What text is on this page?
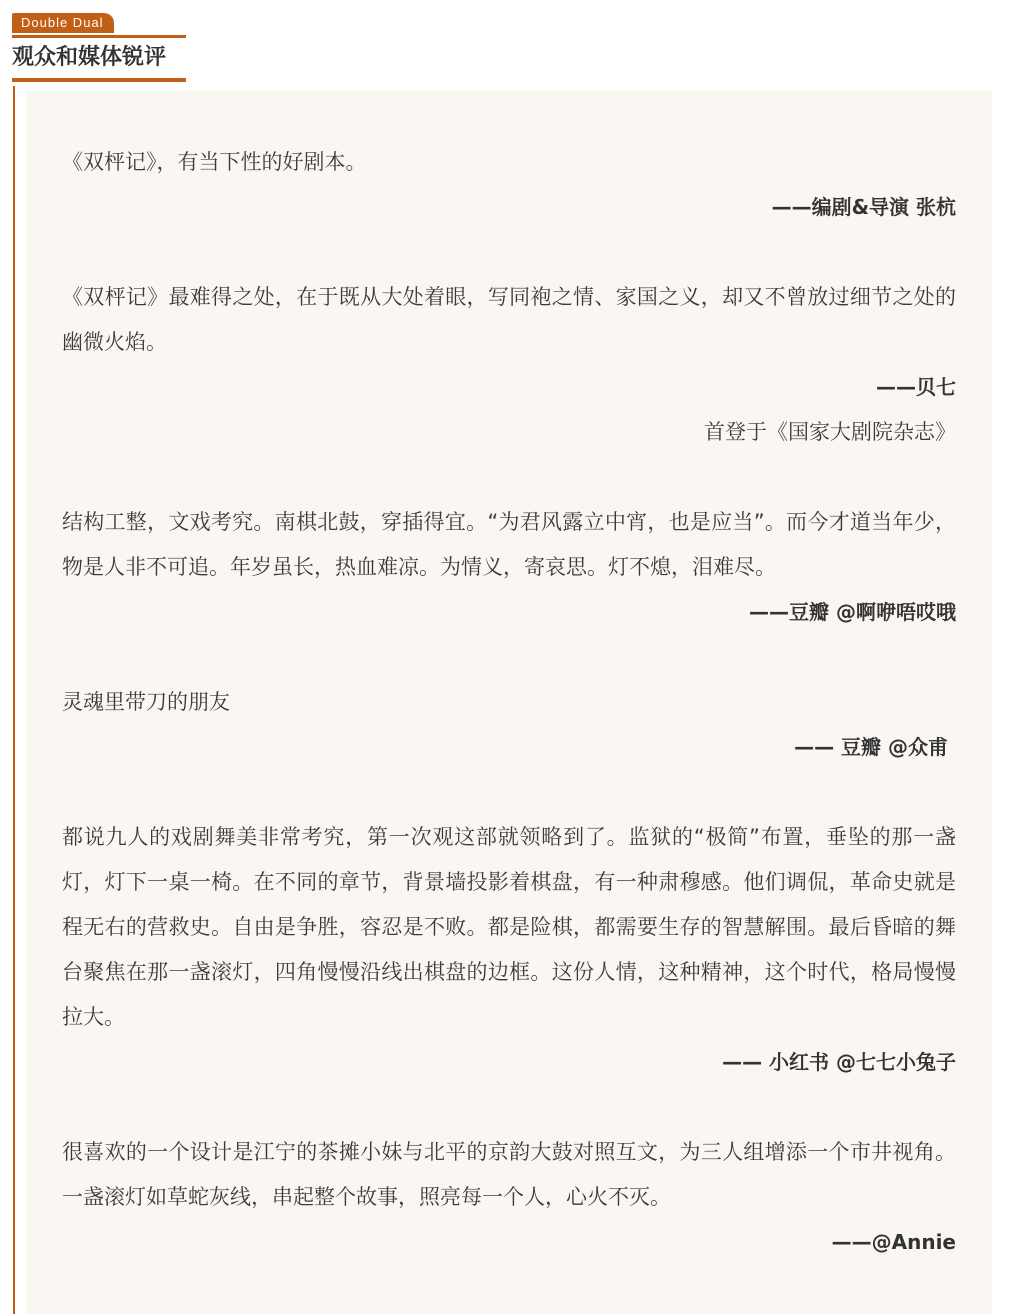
Double Dual
观众和媒体锐评

《双枰记》，有当下性的好剧本。

——编剧&导演 张杭

《双枰记》最难得之处，在于既从大处着眼，写同袍之情、家国之义，却又不曾放过细节之处的幽微火焰。

——贝七

首登于《国家大剧院杂志》

结构工整，文戏考究。南棋北鼓，穿插得宜。“为君风露立中宵，也是应当”。而今才道当年少，物是人非不可追。年岁虽长，热血难凉。为情义，寄哀思。灯不熄，泪难尽。

——豆瓣 @啊咿唔哎哦

灵魂里带刀的朋友

—— 豆瓣 @众甫

都说九人的戏剧舞美非常考究，第一次观这部就领略到了。监狱的“极简”布置，垂坠的那一盏灯，灯下一桌一椅。在不同的章节，背景墙投影着棋盘，有一种肃穆感。他们调侃，革命史就是程无右的营救史。自由是争胜，容忍是不败。都是险棋，都需要生存的智慧解围。最后昏暗的舞台聚焦在那一盏滚灯，四角慢慢沿线出棋盘的边框。这份人情，这种精神，这个时代，格局慢慢拉大。

—— 小红书 @七七小兔子

很喜欢的一个设计是江宁的茶摊小妹与北平的京韵大鼓对照互文，为三人组增添一个市井视角。一盏滚灯如草蛇灰线，串起整个故事，照亮每一个人，心火不灭。

——@Annie
